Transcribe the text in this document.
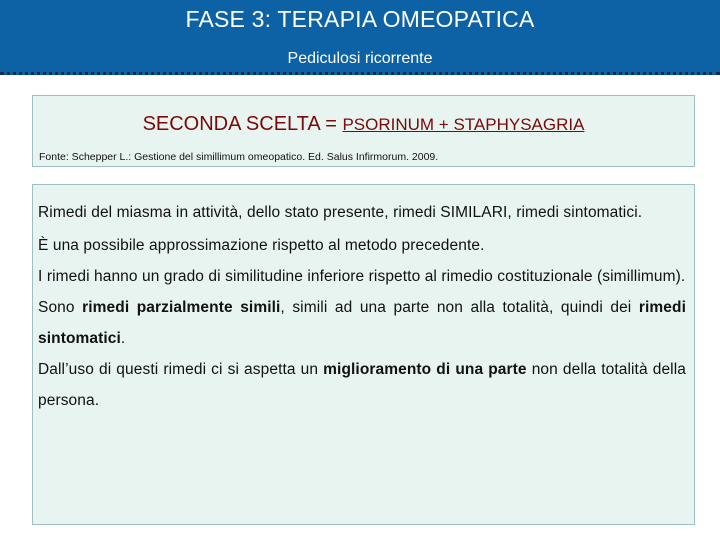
FASE 3: TERAPIA OMEOPATICA
Pediculosi ricorrente
SECONDA SCELTA = PSORINUM + STAPHYSAGRIA
Fonte: Schepper L.: Gestione del simillimum omeopatico. Ed. Salus Infirmorum. 2009.

Rimedi del miasma in attività, dello stato presente, rimedi SIMILARI, rimedi sintomatici.

È una possibile approssimazione rispetto al metodo precedente.

I rimedi hanno un grado di similitudine inferiore rispetto al rimedio costituzionale (simillimum).

Sono rimedi parzialmente simili, simili ad una parte non alla totalità, quindi dei rimedi sintomatici.

Dall’uso di questi rimedi ci si aspetta un miglioramento di una parte non della totalità della persona.
